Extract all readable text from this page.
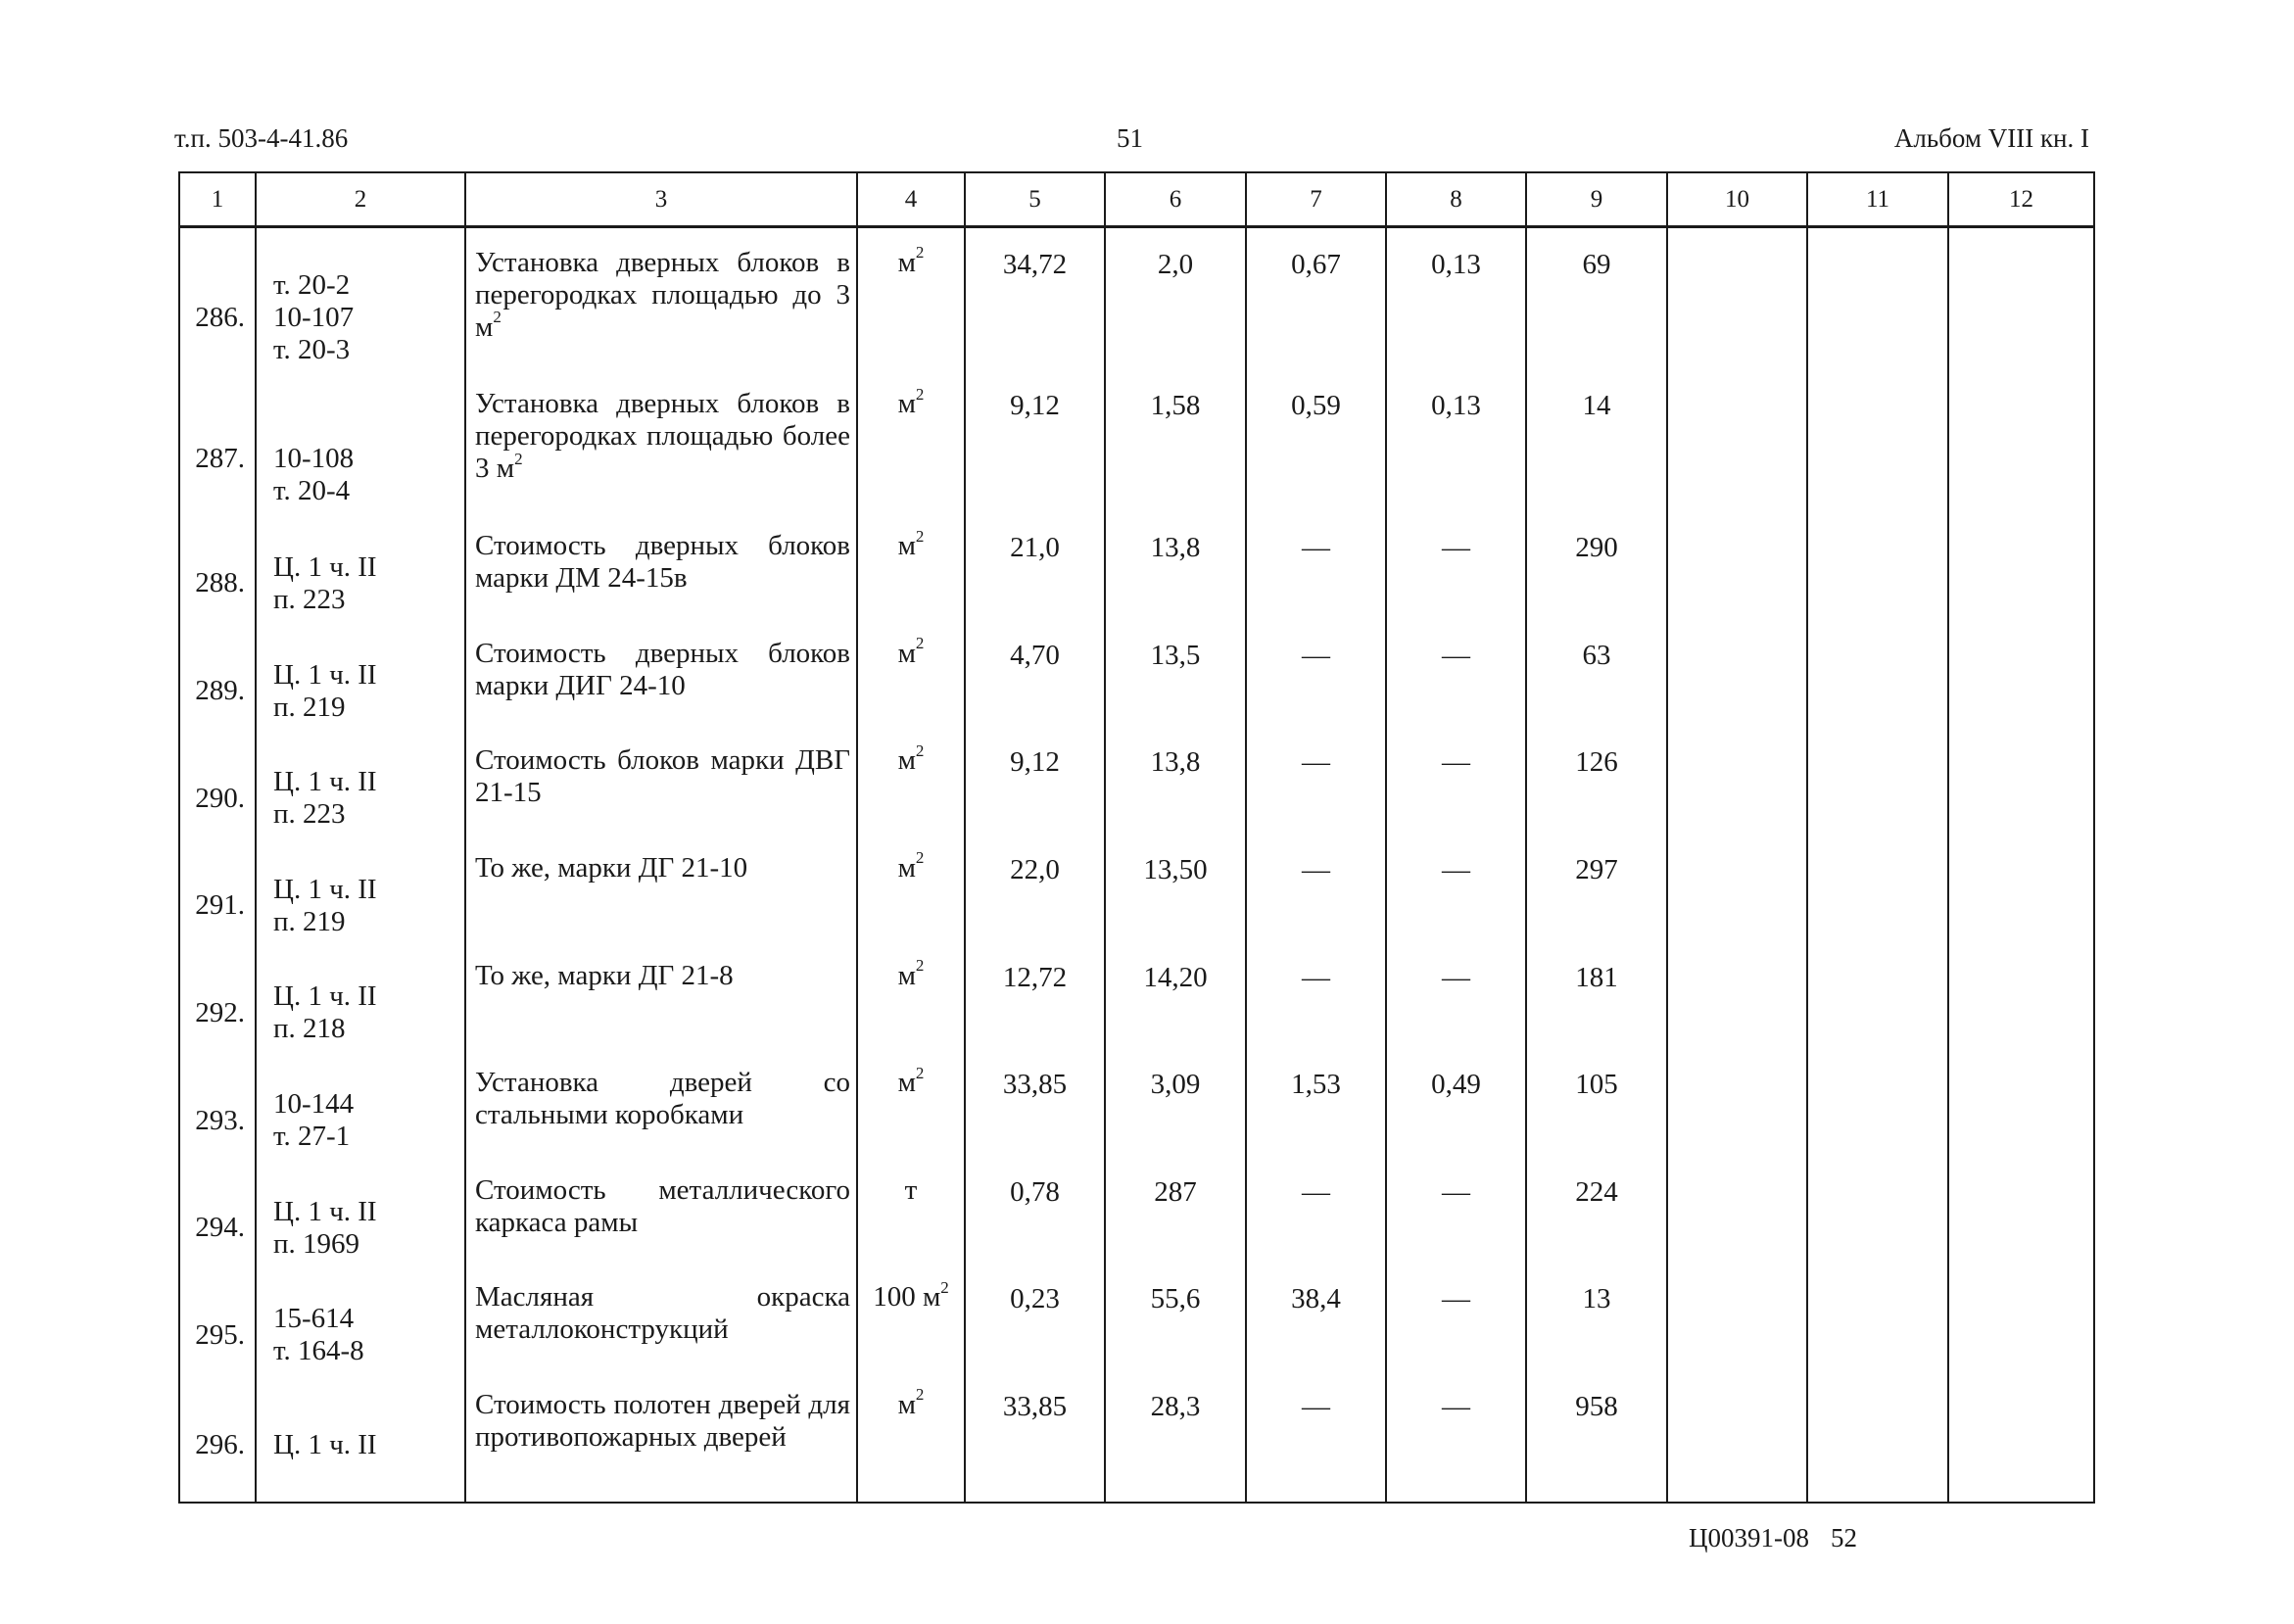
т.п. 503-4-41.86	51	Альбом VIII кн. I
1	2	3	4	5	6	7	8	9	10	11	12

286.	т. 20-2
10-107
т. 20-3	Установка дверных блоков в перегородках площадью до 3 $м^2$	$м^2$	34,72	2,0	0,67	0,13	69			
287.	10-108
т. 20-4	Установка дверных блоков в перегородках площадью более 3 $м^2$	$м^2$	9,12	1,58	0,59	0,13	14			
288.	Ц. 1 ч. II
п. 223	Стоимость дверных блоков марки ДМ 24-15в	$м^2$	21,0	13,8	—	—	290			
289.	Ц. 1 ч. II
п. 219	Стоимость дверных блоков марки ДИГ 24-10	$м^2$	4,70	13,5	—	—	63			
290.	Ц. 1 ч. II
п. 223	Стоимость блоков марки ДВГ 21-15	$м^2$	9,12	13,8	—	—	126			
291.	Ц. 1 ч. II
п. 219	То же, марки ДГ 21-10	$м^2$	22,0	13,50	—	—	297			
292.	Ц. 1 ч. II
п. 218	То же, марки ДГ 21-8	$м^2$	12,72	14,20	—	—	181			
293.	10-144
т. 27-1	Установка дверей со стальными коробками	$м^2$	33,85	3,09	1,53	0,49	105			
294.	Ц. 1 ч. II
п. 1969	Стоимость металлического каркаса рамы	т	0,78	287	—	—	224			
295.	15-614
т. 164-8	Масляная окраска металлоконструкций	100 $м^2$	0,23	55,6	38,4	—	13			
296.	Ц. 1 ч. II	Стоимость полотен дверей для противопожарных дверей	$м^2$	33,85	28,3	—	—	958			
Ц00391-08 52
